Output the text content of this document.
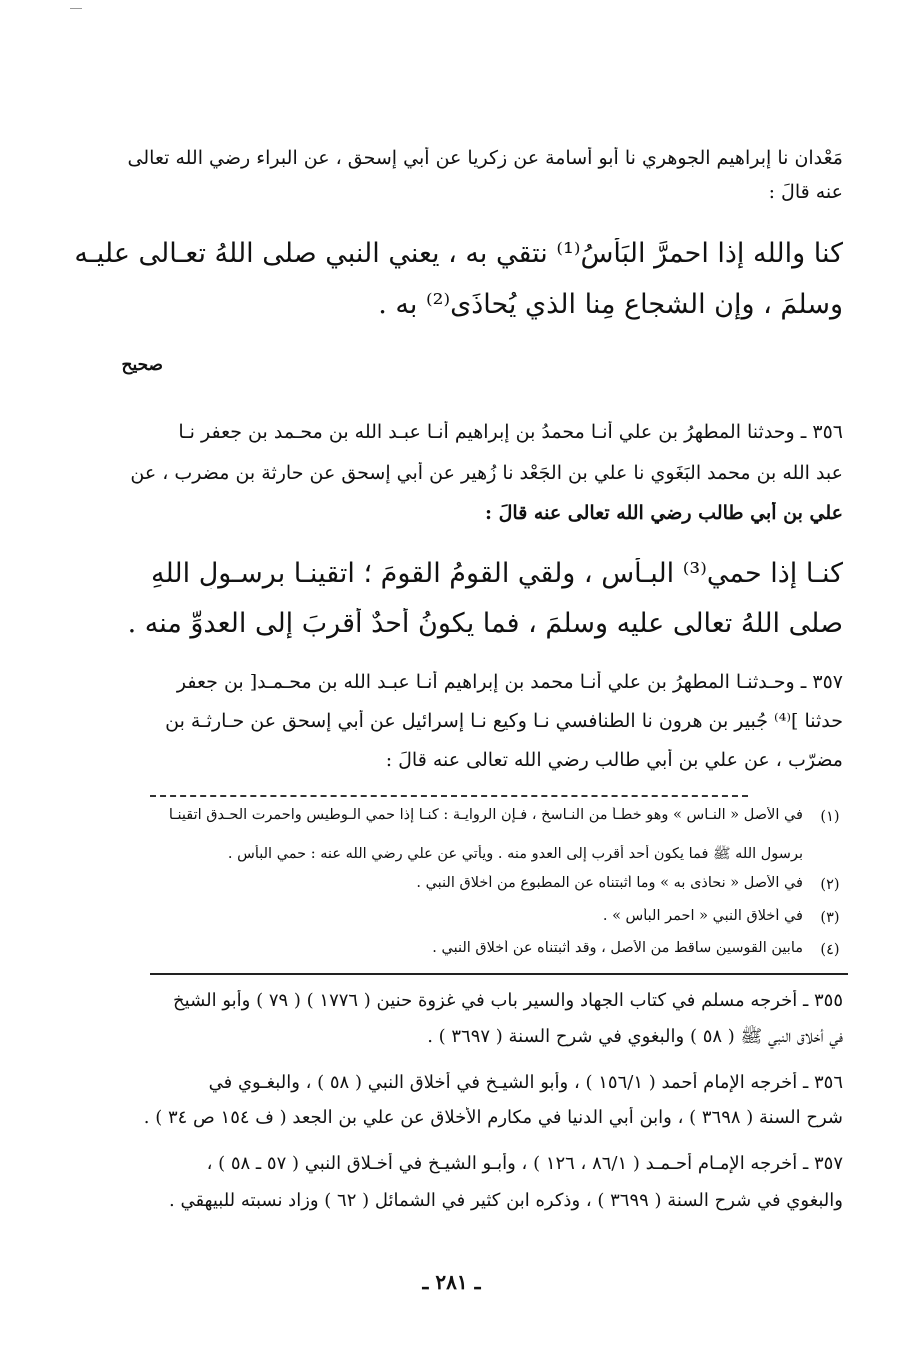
مَعْدان نا إبراهيم الجوهري نا أبو أسامة عن زكريا عن أبي إسحق ، عن البراء رضي الله تعالى
عنه قالَ :
كنا والله إذا احمرَّ البَأسُ⁽¹⁾ نتقي به ، يعني النبي صلى اللهُ تعـالى عليـه
وسلمَ ، وإن الشجاع مِنا الذي يُحاذَى⁽²⁾ به .
صحيح
٣٥٦ ـ وحدثنا المطهرُ بن علي أنـا محمدُ بن إبراهيم أنـا عبـد الله بن محـمد بن جعفر نـا
عبد الله بن محمد البَغَوي نا علي بن الجَعْد نا زُهير عن أبي إسحق عن حارثة بن مضرب ، عن
علي بن أبي طالب رضي الله تعالى عنه قالَ :
كنـا إذا حمي⁽³⁾ البـأس ، ولقي القومُ القومَ ؛ اتقينـا برسـولِ اللهِ
صلى اللهُ تعالى عليه وسلمَ ، فما يكونُ أحدٌ أقربَ إلى العدوِّ منه .
٣٥٧ ـ وحـدثنـا المطهرُ بن علي أنـا محمد بن إبراهيم أنـا عبـد الله بن محـمـد[ بن جعفر
حدثنا ]⁽⁴⁾ جُبير بن هرون نا الطنافسي نـا وكيع نـا إسرائيل عن أبي إسحق عن حـارثـة بن
مضرّب ، عن علي بن أبي طالب رضي الله تعالى عنه قالَ :
(١)
في الأصل « النـاس » وهو خطـأ من النـاسخ ، فـإن الروايـة : كنـا إذا حمي الـوطيس واحمرت الحـدق اتقينـا
برسول الله ﷺ فما يكون أحد أقرب إلى العدو منه . ويأتي عن علي رضي الله عنه : حمي البأس .
(٢)
في الأصل « نحاذى به » وما أثبتناه عن المطبوع من أخلاق النبي .
(٣)
في أخلاق النبي « احمر البأس » .
(٤)
مابين القوسين ساقط من الأصل ، وقد أثبتناه عن أخلاق النبي .
٣٥٥ ـ أخرجه مسلم في كتاب الجهاد والسير باب في غزوة حنين ( ١٧٧٦ ) ( ٧٩ ) وأبو الشيخ
في أخلاق النبي ﷺ ( ٥٨ ) والبغوي في شرح السنة ( ٣٦٩٧ ) .
٣٥٦ ـ أخرجه الإمام أحمد ( ١٥٦/١ ) ، وأبو الشيـخ في أخلاق النبي ( ٥٨ ) ، والبغـوي في
شرح السنة ( ٣٦٩٨ ) ، وابن أبي الدنيا في مكارم الأخلاق عن علي بن الجعد ( ف ١٥٤ ص ٣٤ ) .
٣٥٧ ـ أخرجه الإمـام أحـمـد ( ٨٦/١ ، ١٢٦ ) ، وأبـو الشيـخ في أخـلاق النبي ( ٥٧ ـ ٥٨ ) ،
والبغوي في شرح السنة ( ٣٦٩٩ ) ، وذكره ابن كثير في الشمائل ( ٦٢ ) وزاد نسبته للبيهقي .
ـ ٢٨١ ـ
